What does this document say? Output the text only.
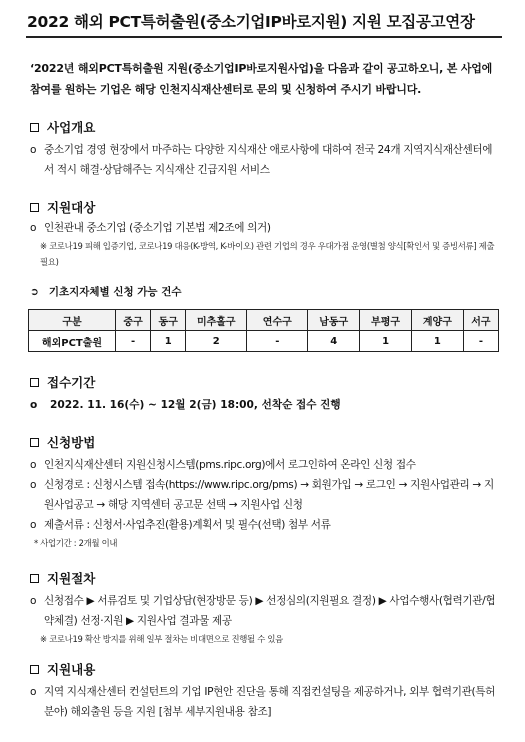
2022 해외 PCT특허출원(중소기업IP바로지원) 지원 모집공고연장
‘2022년 해외PCT특허출원 지원(중소기업IP바로지원사업)을 다음과 같이 공고하오니, 본 사업에 참여를 원하는 기업은 해당 인천지식재산센터로 문의 및 신청하여 주시기 바랍니다.
사업개요
o 중소기업 경영 현장에서 마주하는 다양한 지식재산 애로사항에 대하여 전국 24개 지역지식재산센터에서 적시 해결·상담해주는 지식재산 긴급지원 서비스
지원대상
o 인천관내 중소기업 (중소기업 기본법 제2조에 의거)
※ 코로나19 피해 입증기업, 코로나19 대응(K-방역, K-바이오) 관련 기업의 경우 우대가점 운영(별첨 양식[확인서 및 증빙서류] 제출 필요)
➲ 기초지자체별 신청 가능 건수
구분	중구	동구	미추홀구	연수구	남동구	부평구	계양구	서구
해외PCT출원	-	1	2	-	4	1	1	-
접수기간
o 2022. 11. 16(수) ~ 12월 2(금) 18:00, 선착순 접수 진행
신청방법
o 인천지식재산센터 지원신청시스템(pms.ripc.org)에서 로그인하여 온라인 신청 접수
o 신청경로 : 신청시스템 접속(https://www.ripc.org/pms) → 회원가입 → 로그인 → 지원사업관리 → 지원사업공고 → 해당 지역센터 공고문 선택 → 지원사업 신청
o 제출서류 : 신청서·사업추진(활용)계획서 및 필수(선택) 첨부 서류
* 사업기간 : 2개월 이내
지원절차
o 신청접수 ▶ 서류검토 및 기업상담(현장방문 등) ▶ 선정심의(지원필요 결정) ▶ 사업수행사(협력기관/협약체결) 선정·지원 ▶ 지원사업 결과물 제공
※ 코로나19 확산 방지를 위해 일부 절차는 비대면으로 진행될 수 있음
지원내용
o 지역 지식재산센터 컨설턴트의 기업 IP현안 진단을 통해 직접컨설팅을 제공하거나, 외부 협력기관(특허분야) 해외출원 등을 지원 [첨부 세부지원내용 참조]
